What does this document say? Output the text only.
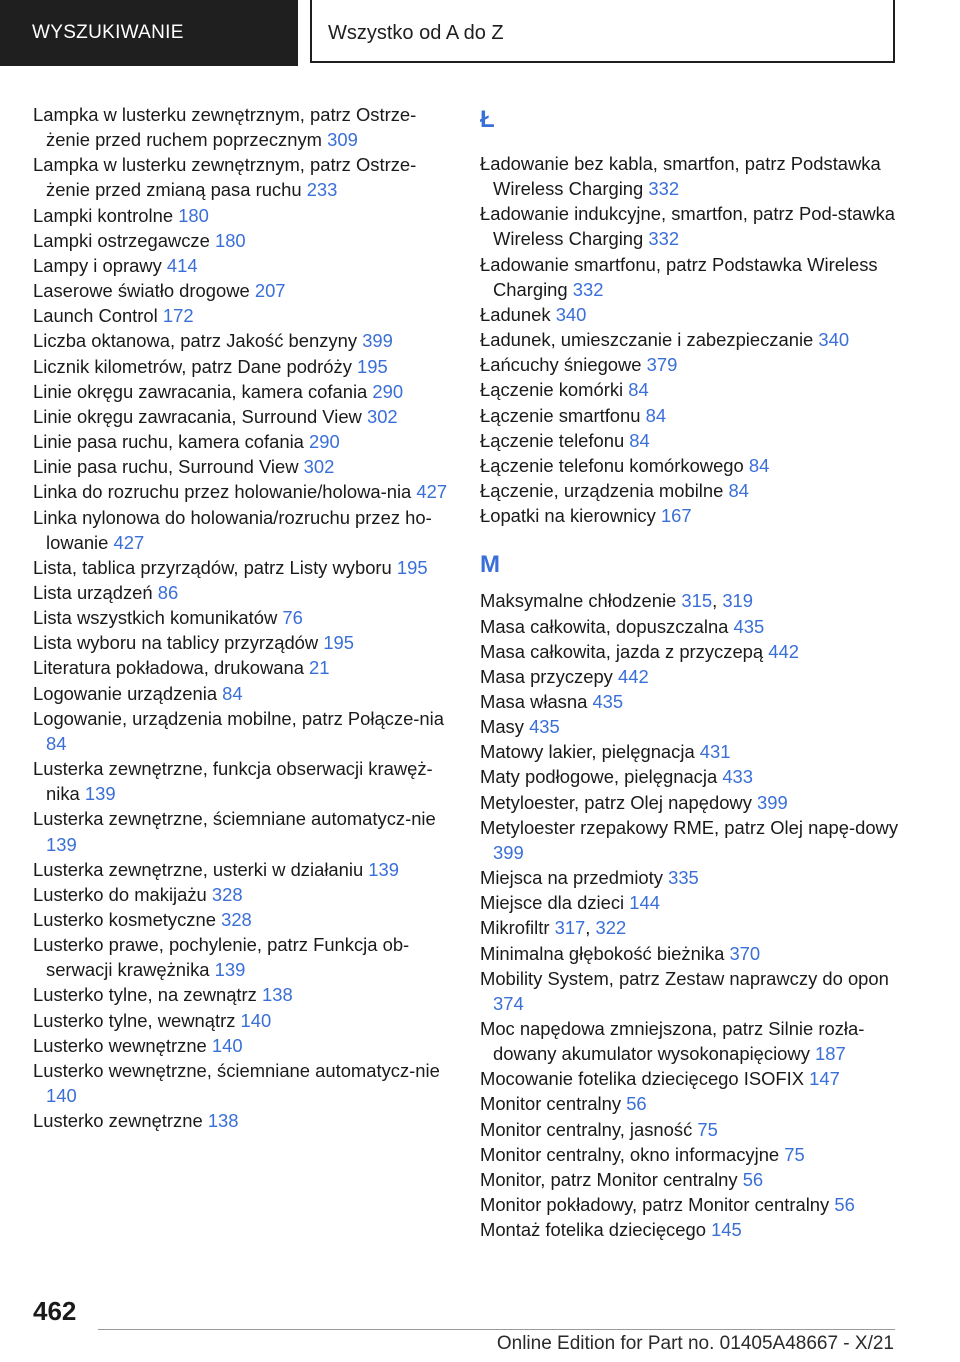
WYSZUKIWANIE	Wszystko od A do Z
Lampka w lusterku zewnętrznym, patrz Ostrze‐żenie przed ruchem poprzecznym 309
Lampka w lusterku zewnętrznym, patrz Ostrze‐żenie przed zmianą pasa ruchu 233
Lampki kontrolne 180
Lampki ostrzegawcze 180
Lampy i oprawy 414
Laserowe światło drogowe 207
Launch Control 172
Liczba oktanowa, patrz Jakość benzyny 399
Licznik kilometrów, patrz Dane podróży 195
Linie okręgu zawracania, kamera cofania 290
Linie okręgu zawracania, Surround View 302
Linie pasa ruchu, kamera cofania 290
Linie pasa ruchu, Surround View 302
Linka do rozruchu przez holowanie/holowa‐nia 427
Linka nylonowa do holowania/rozruchu przez ho‐lowanie 427
Lista, tablica przyrządów, patrz Listy wyboru 195
Lista urządzeń 86
Lista wszystkich komunikatów 76
Lista wyboru na tablicy przyrządów 195
Literatura pokładowa, drukowana 21
Logowanie urządzenia 84
Logowanie, urządzenia mobilne, patrz Połącze‐nia 84
Lusterka zewnętrzne, funkcja obserwacji krawęż‐nika 139
Lusterka zewnętrzne, ściemniane automatycz‐nie 139
Lusterka zewnętrzne, usterki w działaniu 139
Lusterko do makijażu 328
Lusterko kosmetyczne 328
Lusterko prawe, pochylenie, patrz Funkcja ob‐serwacji krawężnika 139
Lusterko tylne, na zewnątrz 138
Lusterko tylne, wewnątrz 140
Lusterko wewnętrzne 140
Lusterko wewnętrzne, ściemniane automatycz‐nie 140
Lusterko zewnętrzne 138
Ł
Ładowanie bez kabla, smartfon, patrz Podstawka Wireless Charging 332
Ładowanie indukcyjne, smartfon, patrz Pod‐stawka Wireless Charging 332
Ładowanie smartfonu, patrz Podstawka Wireless Charging 332
Ładunek 340
Ładunek, umieszczanie i zabezpieczanie 340
Łańcuchy śniegowe 379
Łączenie komórki 84
Łączenie smartfonu 84
Łączenie telefonu 84
Łączenie telefonu komórkowego 84
Łączenie, urządzenia mobilne 84
Łopatki na kierownicy 167
M
Maksymalne chłodzenie 315, 319
Masa całkowita, dopuszczalna 435
Masa całkowita, jazda z przyczepą 442
Masa przyczepy 442
Masa własna 435
Masy 435
Matowy lakier, pielęgnacja 431
Maty podłogowe, pielęgnacja 433
Metyloester, patrz Olej napędowy 399
Metyloester rzepakowy RME, patrz Olej napę‐dowy 399
Miejsca na przedmioty 335
Miejsce dla dzieci 144
Mikrofiltr 317, 322
Minimalna głębokość bieżnika 370
Mobility System, patrz Zestaw naprawczy do opon 374
Moc napędowa zmniejszona, patrz Silnie rozła‐dowany akumulator wysokonapięciowy 187
Mocowanie fotelika dziecięcego ISOFIX 147
Monitor centralny 56
Monitor centralny, jasność 75
Monitor centralny, okno informacyjne 75
Monitor, patrz Monitor centralny 56
Monitor pokładowy, patrz Monitor centralny 56
Montaż fotelika dziecięcego 145
462
Online Edition for Part no. 01405A48667 - X/21
